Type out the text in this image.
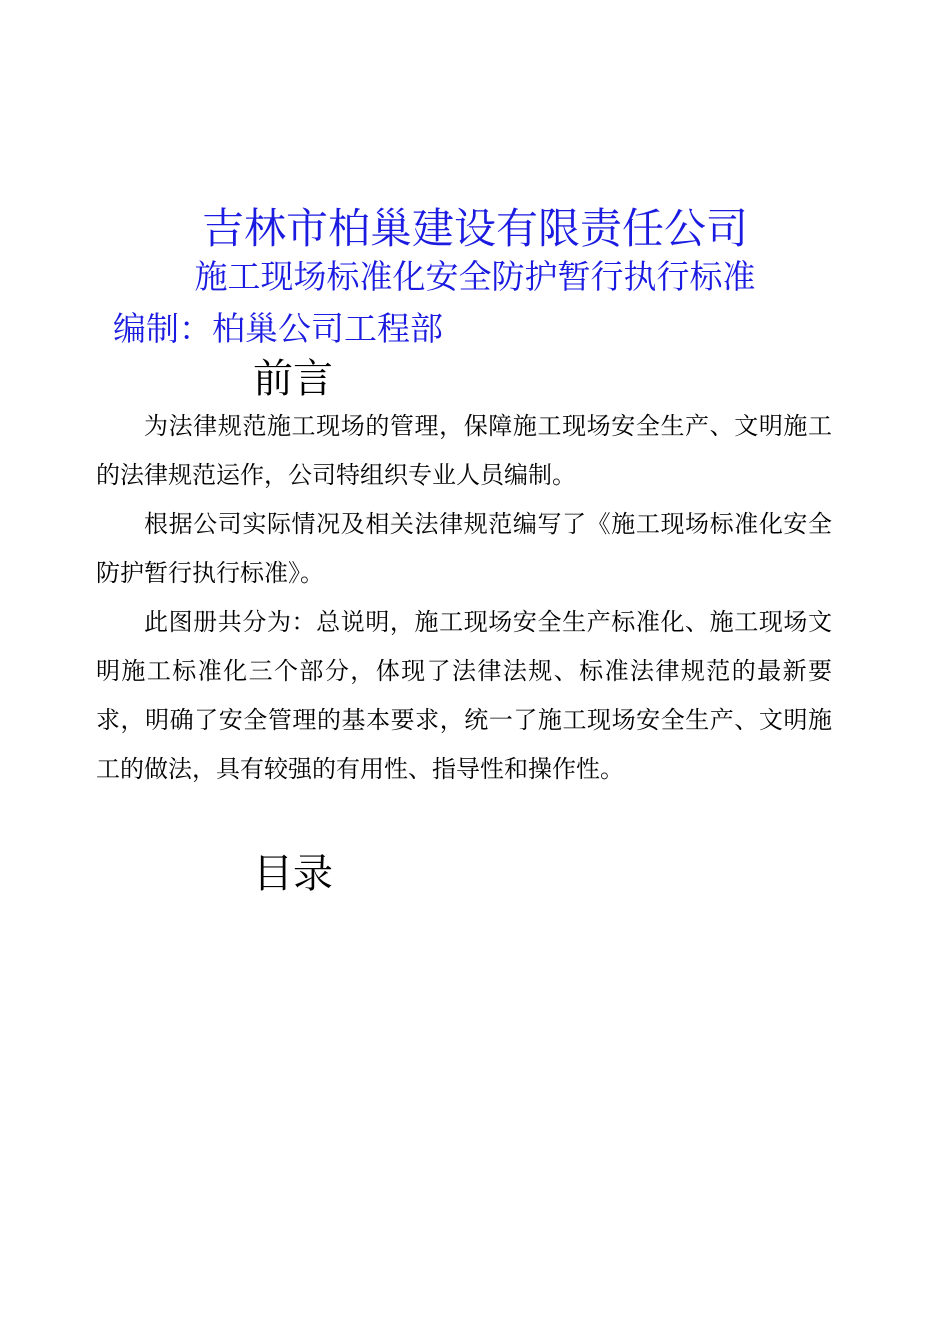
吉林市柏巢建设有限责任公司
施工现场标准化安全防护暂行执行标准
编制：柏巢公司工程部
前言

为法律规范施工现场的管理，保障施工现场安全生产、文明施工的法律规范运作，公司特组织专业人员编制。

根据公司实际情况及相关法律规范编写了《施工现场标准化安全防护暂行执行标准》。

此图册共分为：总说明，施工现场安全生产标准化、施工现场文明施工标准化三个部分，体现了法律法规、标准法律规范的最新要求，明确了安全管理的基本要求，统一了施工现场安全生产、文明施工的做法，具有较强的有用性、指导性和操作性。

目录
